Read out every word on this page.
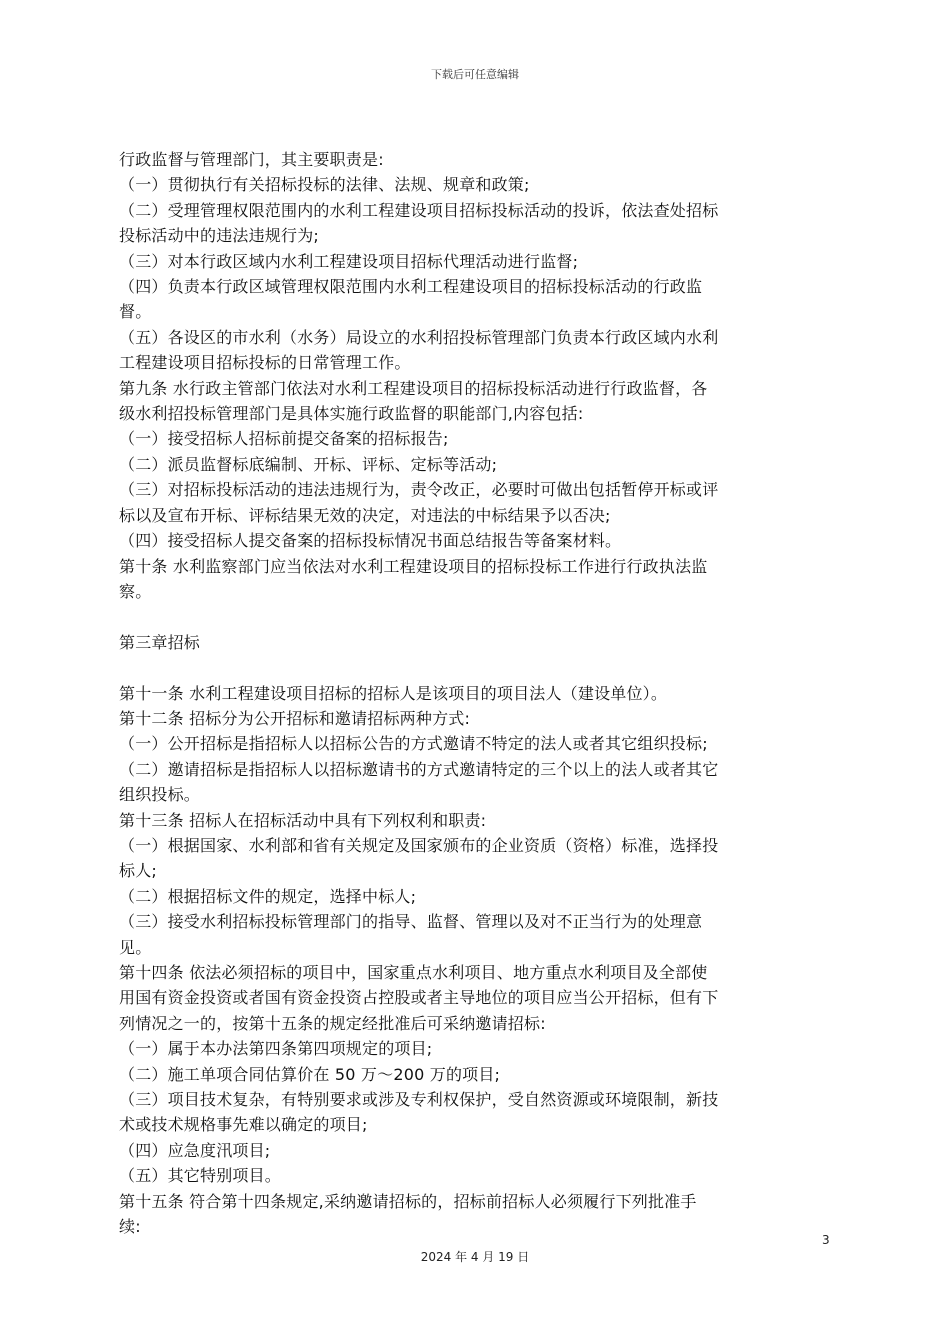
下载后可任意编辑
行政监督与管理部门，其主要职责是:
（一）贯彻执行有关招标投标的法律、法规、规章和政策;
（二）受理管理权限范围内的水利工程建设项目招标投标活动的投诉，依法查处招标
投标活动中的违法违规行为;
（三）对本行政区域内水利工程建设项目招标代理活动进行监督;
（四）负责本行政区域管理权限范围内水利工程建设项目的招标投标活动的行政监
督。
（五）各设区的市水利（水务）局设立的水利招投标管理部门负责本行政区域内水利
工程建设项目招标投标的日常管理工作。
第九条 水行政主管部门依法对水利工程建设项目的招标投标活动进行行政监督，各
级水利招投标管理部门是具体实施行政监督的职能部门,内容包括:
（一）接受招标人招标前提交备案的招标报告;
（二）派员监督标底编制、开标、评标、定标等活动;
（三）对招标投标活动的违法违规行为，责令改正，必要时可做出包括暂停开标或评
标以及宣布开标、评标结果无效的决定，对违法的中标结果予以否决;
（四）接受招标人提交备案的招标投标情况书面总结报告等备案材料。
第十条 水利监察部门应当依法对水利工程建设项目的招标投标工作进行行政执法监
察。
第三章招标
第十一条 水利工程建设项目招标的招标人是该项目的项目法人（建设单位）。
第十二条 招标分为公开招标和邀请招标两种方式:
（一）公开招标是指招标人以招标公告的方式邀请不特定的法人或者其它组织投标;
（二）邀请招标是指招标人以招标邀请书的方式邀请特定的三个以上的法人或者其它
组织投标。
第十三条 招标人在招标活动中具有下列权利和职责:
（一）根据国家、水利部和省有关规定及国家颁布的企业资质（资格）标准，选择投
标人;
（二）根据招标文件的规定，选择中标人;
（三）接受水利招标投标管理部门的指导、监督、管理以及对不正当行为的处理意
见。
第十四条 依法必须招标的项目中，国家重点水利项目、地方重点水利项目及全部使
用国有资金投资或者国有资金投资占控股或者主导地位的项目应当公开招标，但有下
列情况之一的，按第十五条的规定经批准后可采纳邀请招标:
（一）属于本办法第四条第四项规定的项目;
（二）施工单项合同估算价在 50 万～200 万的项目;
（三）项目技术复杂，有特别要求或涉及专利权保护，受自然资源或环境限制，新技
术或技术规格事先难以确定的项目;
（四）应急度汛项目;
（五）其它特别项目。
第十五条 符合第十四条规定,采纳邀请招标的，招标前招标人必须履行下列批准手
续:
3
2024 年 4 月 19 日
